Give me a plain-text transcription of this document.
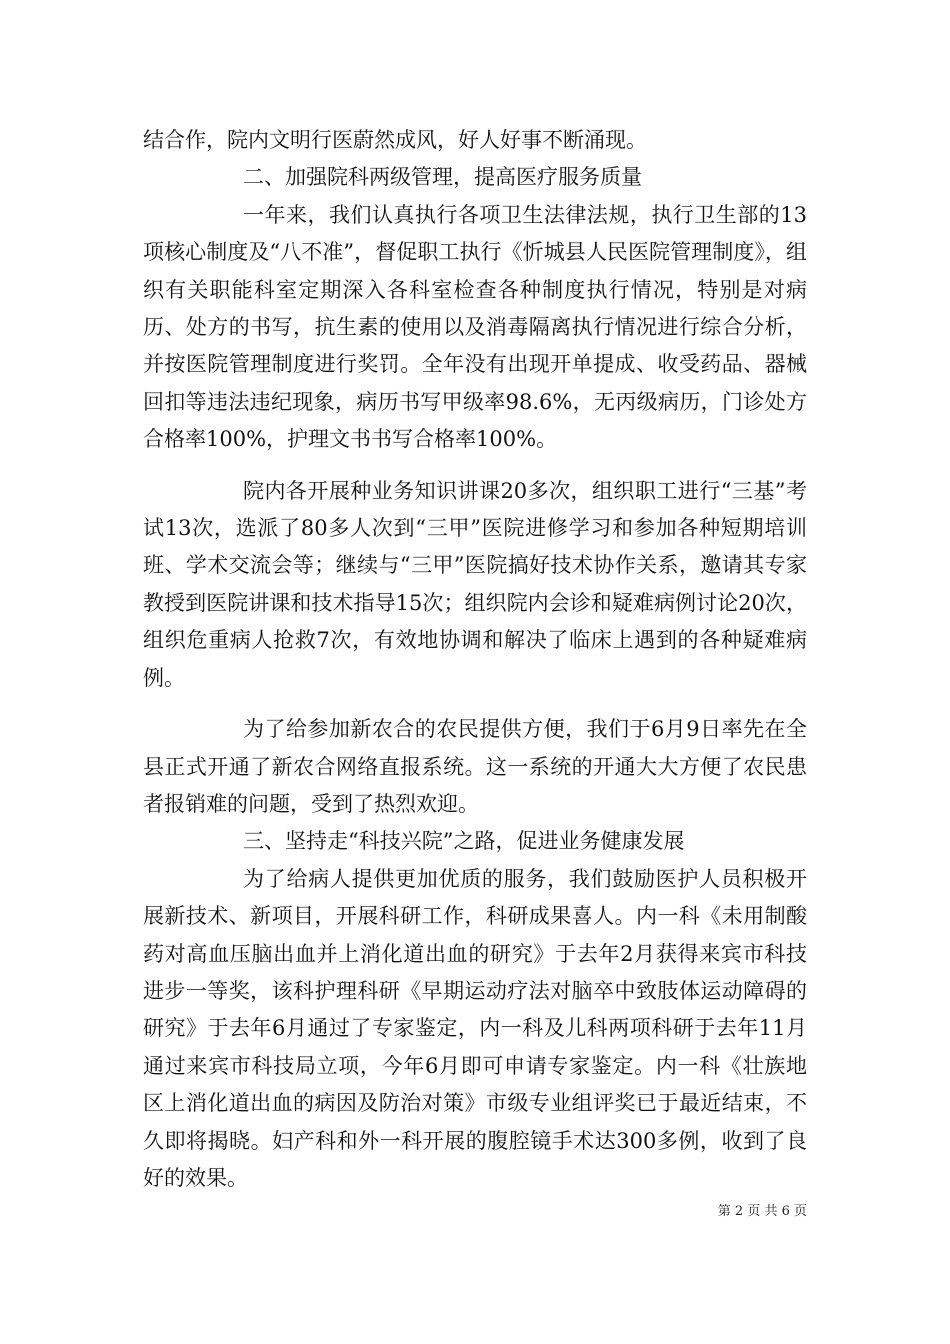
结合作，院内文明行医蔚然成风，好人好事不断涌现。

二、加强院科两级管理，提高医疗服务质量

一年来，我们认真执行各项卫生法律法规，执行卫生部的13项核心制度及“八不准”，督促职工执行《忻城县人民医院管理制度》，组织有关职能科室定期深入各科室检查各种制度执行情况，特别是对病历、处方的书写，抗生素的使用以及消毒隔离执行情况进行综合分析，并按医院管理制度进行奖罚。全年没有出现开单提成、收受药品、器械回扣等违法违纪现象，病历书写甲级率98.6%，无丙级病历，门诊处方合格率100%，护理文书书写合格率100%。

院内各开展种业务知识讲课20多次，组织职工进行“三基”考试13次，选派了80多人次到“三甲”医院进修学习和参加各种短期培训班、学术交流会等；继续与“三甲”医院搞好技术协作关系，邀请其专家教授到医院讲课和技术指导15次；组织院内会诊和疑难病例讨论20次，组织危重病人抢救7次，有效地协调和解决了临床上遇到的各种疑难病例。

为了给参加新农合的农民提供方便，我们于6月9日率先在全县正式开通了新农合网络直报系统。这一系统的开通大大方便了农民患者报销难的问题，受到了热烈欢迎。

三、坚持走“科技兴院”之路，促进业务健康发展

为了给病人提供更加优质的服务，我们鼓励医护人员积极开展新技术、新项目，开展科研工作，科研成果喜人。内一科《未用制酸药对高血压脑出血并上消化道出血的研究》于去年2月获得来宾市科技进步一等奖，该科护理科研《早期运动疗法对脑卒中致肢体运动障碍的研究》于去年6月通过了专家鉴定，内一科及儿科两项科研于去年11月通过来宾市科技局立项，今年6月即可申请专家鉴定。内一科《壮族地区上消化道出血的病因及防治对策》市级专业组评奖已于最近结束，不久即将揭晓。妇产科和外一科开展的腹腔镜手术达300多例，收到了良好的效果。

第 2 页 共 6 页
